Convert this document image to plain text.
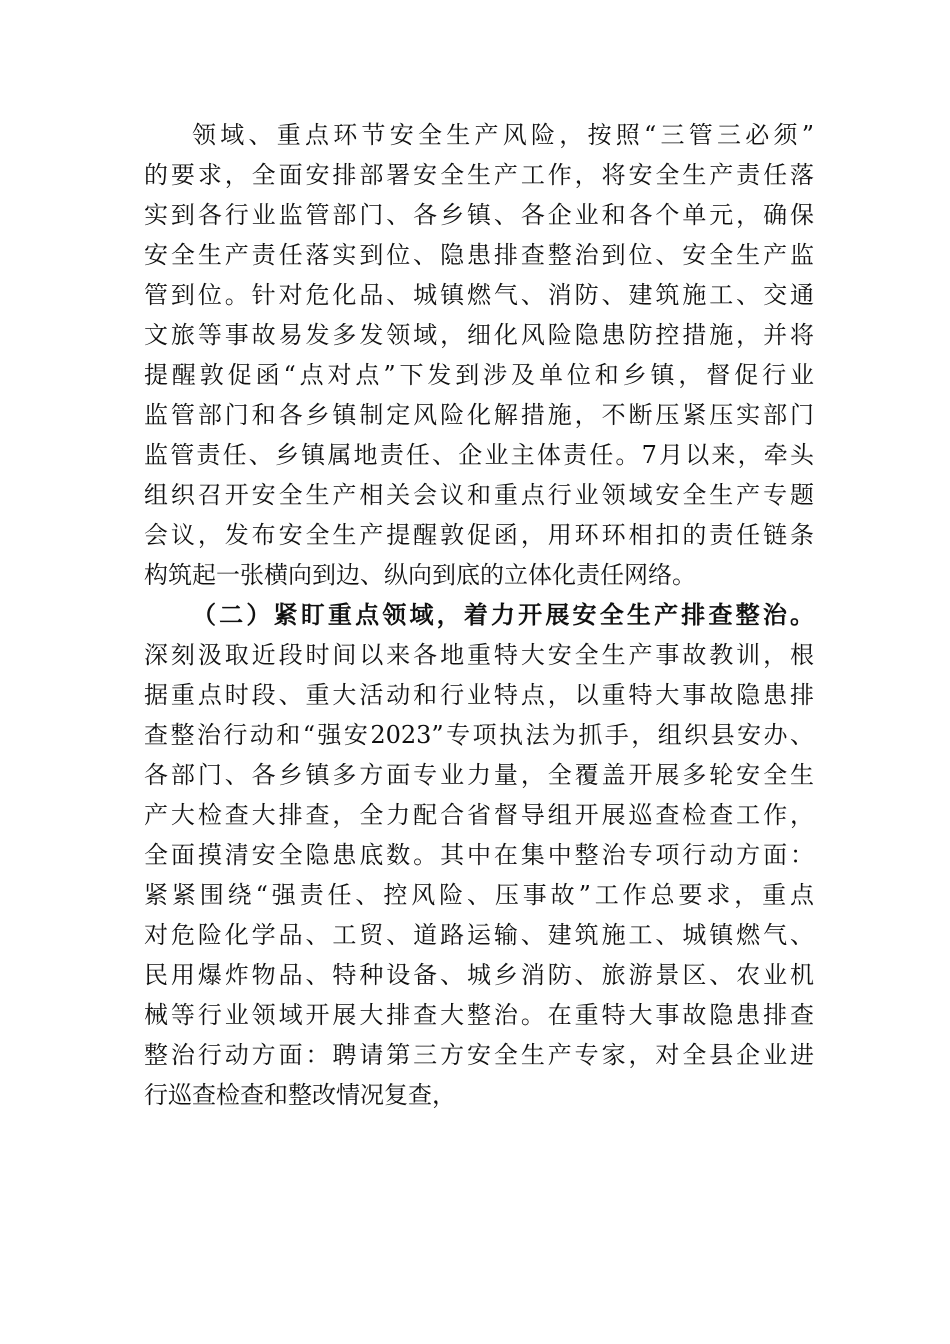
领域、重点环节安全生产风险，按照“三管三必须”
的要求，全面安排部署安全生产工作，将安全生产责任落
实到各行业监管部门、各乡镇、各企业和各个单元，确保
安全生产责任落实到位、隐患排查整治到位、安全生产监
管到位。针对危化品、城镇燃气、消防、建筑施工、交通
文旅等事故易发多发领域，细化风险隐患防控措施，并将
提醒敦促函“点对点”下发到涉及单位和乡镇，督促行业
监管部门和各乡镇制定风险化解措施，不断压紧压实部门
监管责任、乡镇属地责任、企业主体责任。7月以来，牵头
组织召开安全生产相关会议和重点行业领域安全生产专题
会议，发布安全生产提醒敦促函，用环环相扣的责任链条
构筑起一张横向到边、纵向到底的立体化责任网络。
（二）紧盯重点领域，着力开展安全生产排查整治。
深刻汲取近段时间以来各地重特大安全生产事故教训，根
据重点时段、重大活动和行业特点，以重特大事故隐患排
查整治行动和“强安2023”专项执法为抓手，组织县安办、
各部门、各乡镇多方面专业力量，全覆盖开展多轮安全生
产大检查大排查，全力配合省督导组开展巡查检查工作，
全面摸清安全隐患底数。其中在集中整治专项行动方面：
紧紧围绕“强责任、控风险、压事故”工作总要求，重点
对危险化学品、工贸、道路运输、建筑施工、城镇燃气、
民用爆炸物品、特种设备、城乡消防、旅游景区、农业机
械等行业领域开展大排查大整治。在重特大事故隐患排查
整治行动方面：聘请第三方安全生产专家，对全县企业进
行巡查检查和整改情况复查，
